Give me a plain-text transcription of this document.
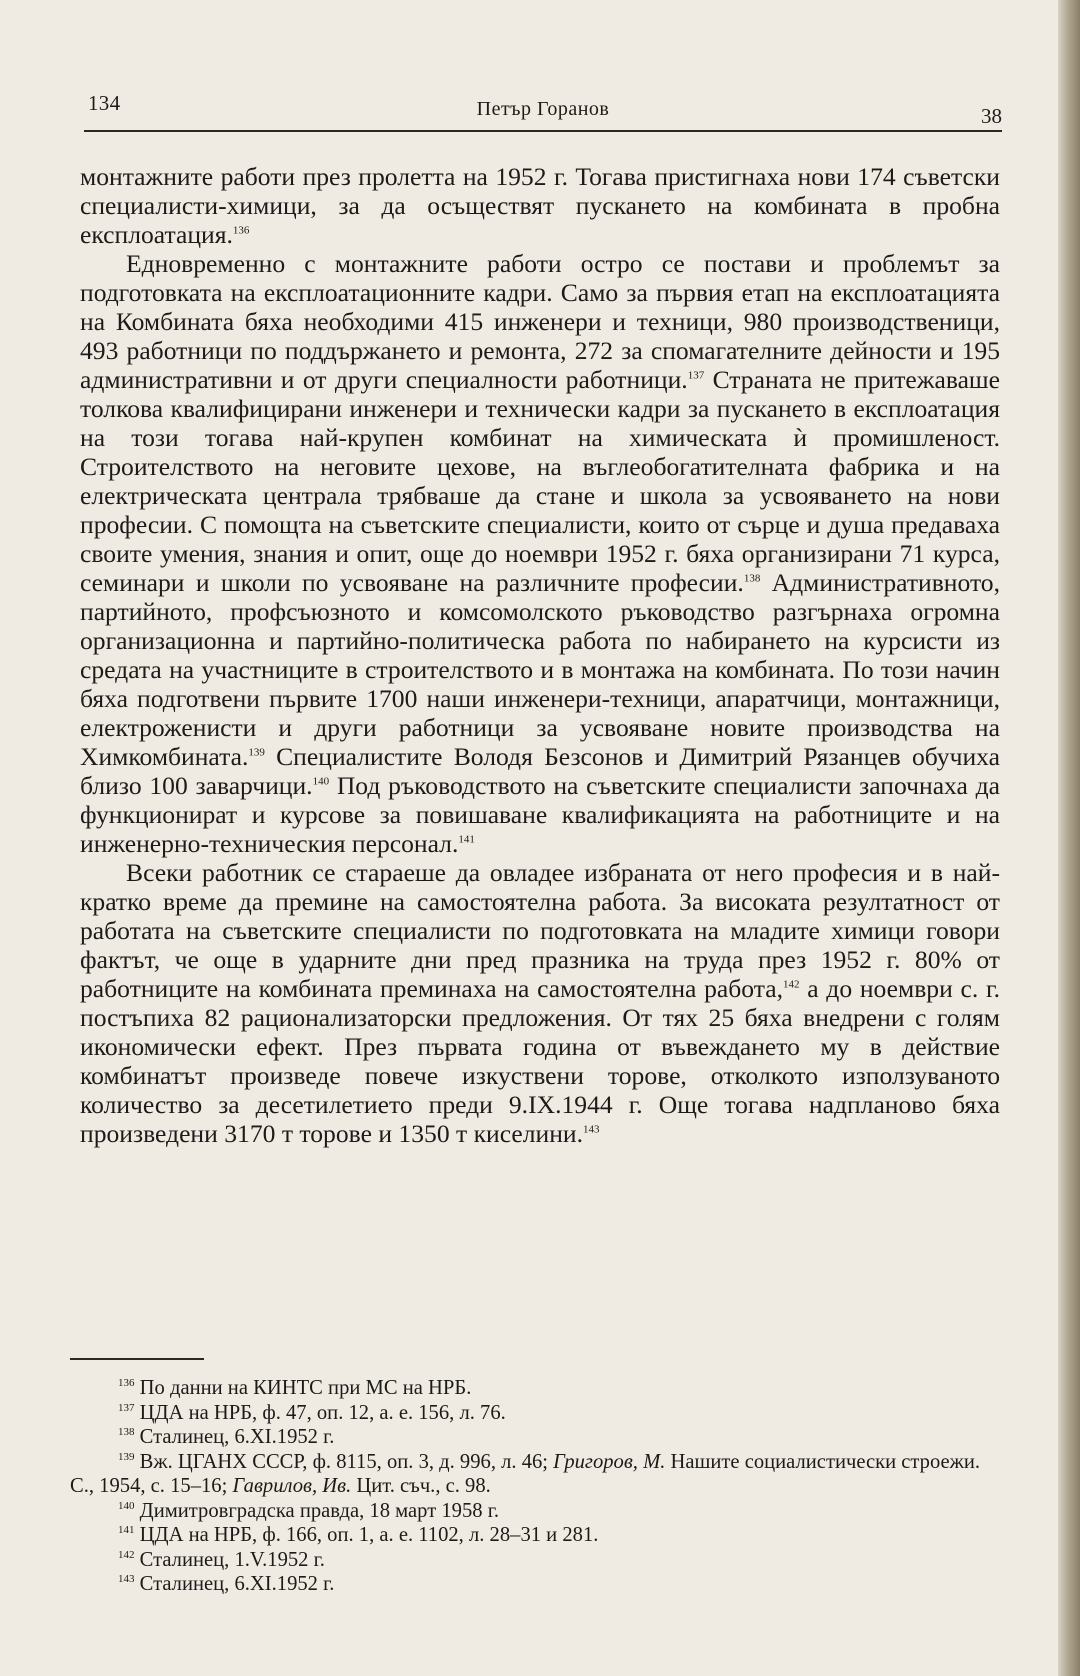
134	Петър Горанов	38

монтажните работи през пролетта на 1952 г. Тогава пристигнаха нови 174 съветски специалисти-химици, за да осъществят пускането на комбината в пробна експлоатация.$^{136}$

Едновременно с монтажните работи остро се постави и проблемът за подготовката на експлоатационните кадри. Само за първия етап на експлоатацията на Комбината бяха необходими 415 инженери и техници, 980 производственици, 493 работници по поддържането и ремонта, 272 за спомагателните дейности и 195 административни и от други специалности работници.$^{137}$ Страната не притежаваше толкова квалифицирани инженери и технически кадри за пускането в експлоатация на този тогава най-крупен комбинат на химическата ѝ промишленост. Строителството на неговите цехове, на въглеобогатителната фабрика и на електрическата централа трябваше да стане и школа за усвояването на нови професии. С помощта на съветските специалисти, които от сърце и душа предаваха своите умения, знания и опит, още до ноември 1952 г. бяха организирани 71 курса, семинари и школи по усвояване на различните професии.$^{138}$ Административното, партийното, профсъюзното и комсомолското ръководство разгърнаха огромна организационна и партийно-политическа работа по набирането на курсисти из средата на участниците в строителството и в монтажа на комбината. По този начин бяха подготвени първите 1700 наши инженери-техници, апаратчици, монтажници, електроженисти и други работници за усвояване новите производства на Химкомбината.$^{139}$ Специалистите Володя Безсонов и Димитрий Рязанцев обучиха близо 100 заварчици.$^{140}$ Под ръководството на съветските специалисти започнаха да функционират и курсове за повишаване квалификацията на работниците и на инженерно-техническия персонал.$^{141}$

Всеки работник се стараеше да овладее избраната от него професия и в най-кратко време да премине на самостоятелна работа. За високата резултатност от работата на съветските специалисти по подготовката на младите химици говори фактът, че още в ударните дни пред празника на труда през 1952 г. 80% от работниците на комбината преминаха на самостоятелна работа,$^{142}$ а до ноември с. г. постъпиха 82 рационализаторски предложения. От тях 25 бяха внедрени с голям икономически ефект. През първата година от въвеждането му в действие комбинатът произведе повече изкуствени торове, отколкото използуваното количество за десетилетието преди 9.IX.1944 г. Още тогава надпланово бяха произведени 3170 т торове и 1350 т киселини.$^{143}$

$^{136}$ По данни на КИНТС при МС на НРБ.
$^{137}$ ЦДА на НРБ, ф. 47, оп. 12, а. е. 156, л. 76.
$^{138}$ Сталинец, 6.XI.1952 г.
$^{139}$ Вж. ЦГАНХ СССР, ф. 8115, оп. 3, д. 996, л. 46; Григоров, М. Нашите социалистически строежи. С., 1954, с. 15–16; Гаврилов, Ив. Цит. съч., с. 98.
$^{140}$ Димитровградска правда, 18 март 1958 г.
$^{141}$ ЦДА на НРБ, ф. 166, оп. 1, а. е. 1102, л. 28–31 и 281.
$^{142}$ Сталинец, 1.V.1952 г.
$^{143}$ Сталинец, 6.XI.1952 г.
